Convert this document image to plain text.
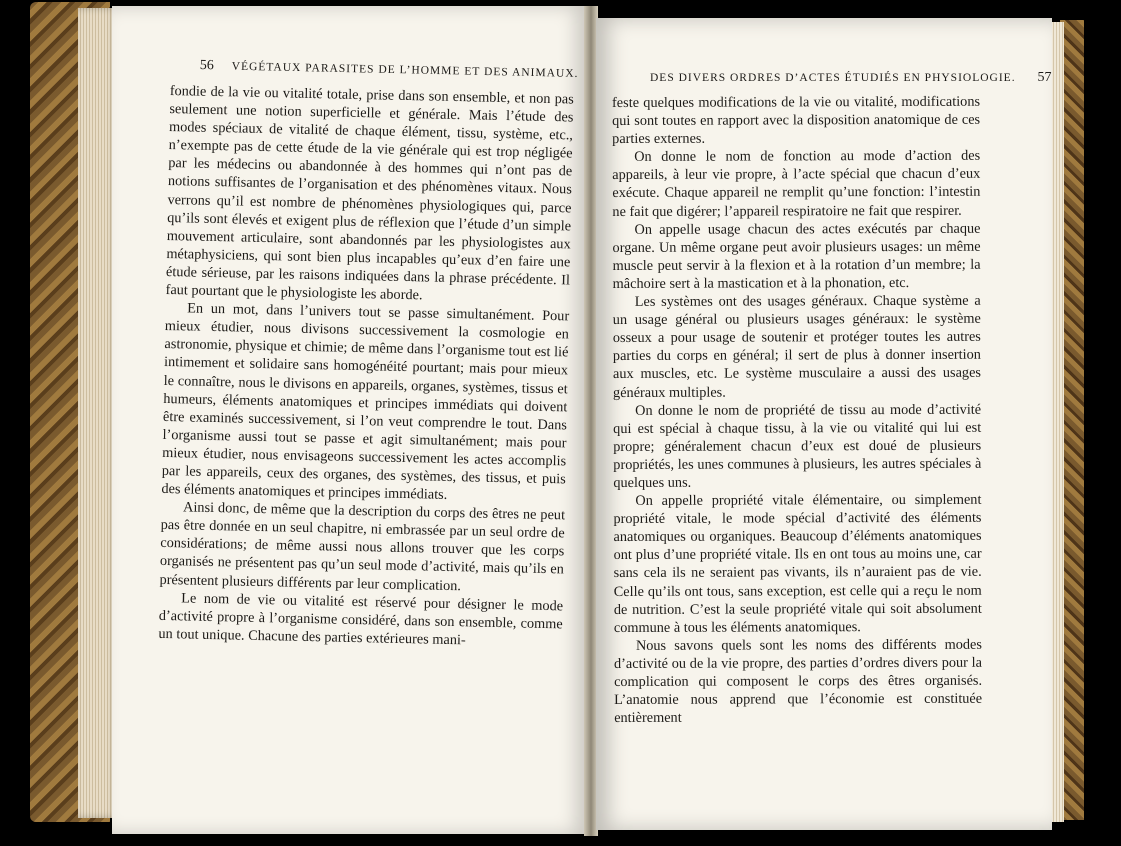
56 VÉGÉTAUX PARASITES DE L’HOMME ET DES ANIMAUX.

fondie de la vie ou vitalité totale, prise dans son ensemble, et non pas seulement une notion superficielle et générale. Mais l’étude des modes spéciaux de vitalité de chaque élément, tissu, système, etc., n’exempte pas de cette étude de la vie générale qui est trop négligée par les médecins ou abandonnée à des hommes qui n’ont pas de notions suffisantes de l’organisation et des phénomènes vitaux. Nous verrons qu’il est nombre de phénomènes physiologiques qui, parce qu’ils sont élevés et exigent plus de réflexion que l’étude d’un simple mouvement articulaire, sont abandonnés par les physiologistes aux métaphysiciens, qui sont bien plus incapables qu’eux d’en faire une étude sérieuse, par les raisons indiquées dans la phrase précédente. Il faut pourtant que le physiologiste les aborde.

En un mot, dans l’univers tout se passe simultanément. Pour mieux étudier, nous divisons successivement la cosmologie en astronomie, physique et chimie; de même dans l’organisme tout est lié intimement et solidaire sans homogénéité pourtant; mais pour mieux le connaître, nous le divisons en appareils, organes, systèmes, tissus et humeurs, éléments anatomiques et principes immédiats qui doivent être examinés successivement, si l’on veut comprendre le tout. Dans l’organisme aussi tout se passe et agit simultanément; mais pour mieux étudier, nous envisageons successivement les actes accomplis par les appareils, ceux des organes, des systèmes, des tissus, et puis des éléments anatomiques et principes immédiats.

Ainsi donc, de même que la description du corps des êtres ne peut pas être donnée en un seul chapitre, ni embrassée par un seul ordre de considérations; de même aussi nous allons trouver que les corps organisés ne présentent pas qu’un seul mode d’activité, mais qu’ils en présentent plusieurs différents par leur complication.

Le nom de vie ou vitalité est réservé pour désigner le mode d’activité propre à l’organisme considéré, dans son ensemble, comme un tout unique. Chacune des parties extérieures mani-

DES DIVERS ORDRES D’ACTES ÉTUDIÉS EN PHYSIOLOGIE. 57

feste quelques modifications de la vie ou vitalité, modifications qui sont toutes en rapport avec la disposition anatomique de ces parties externes.

On donne le nom de fonction au mode d’action des appareils, à leur vie propre, à l’acte spécial que chacun d’eux exécute. Chaque appareil ne remplit qu’une fonction: l’intestin ne fait que digérer; l’appareil respiratoire ne fait que respirer.

On appelle usage chacun des actes exécutés par chaque organe. Un même organe peut avoir plusieurs usages: un même muscle peut servir à la flexion et à la rotation d’un membre; la mâchoire sert à la mastication et à la phonation, etc.

Les systèmes ont des usages généraux. Chaque système a un usage général ou plusieurs usages généraux: le système osseux a pour usage de soutenir et protéger toutes les autres parties du corps en général; il sert de plus à donner insertion aux muscles, etc. Le système musculaire a aussi des usages généraux multiples.

On donne le nom de propriété de tissu au mode d’activité qui est spécial à chaque tissu, à la vie ou vitalité qui lui est propre; généralement chacun d’eux est doué de plusieurs propriétés, les unes communes à plusieurs, les autres spéciales à quelques uns.

On appelle propriété vitale élémentaire, ou simplement propriété vitale, le mode spécial d’activité des éléments anatomiques ou organiques. Beaucoup d’éléments anatomiques ont plus d’une propriété vitale. Ils en ont tous au moins une, car sans cela ils ne seraient pas vivants, ils n’auraient pas de vie. Celle qu’ils ont tous, sans exception, est celle qui a reçu le nom de nutrition. C’est la seule propriété vitale qui soit absolument commune à tous les éléments anatomiques.

Nous savons quels sont les noms des différents modes d’activité ou de la vie propre, des parties d’ordres divers pour la complication qui composent le corps des êtres organisés. L’anatomie nous apprend que l’économie est constituée entièrement
